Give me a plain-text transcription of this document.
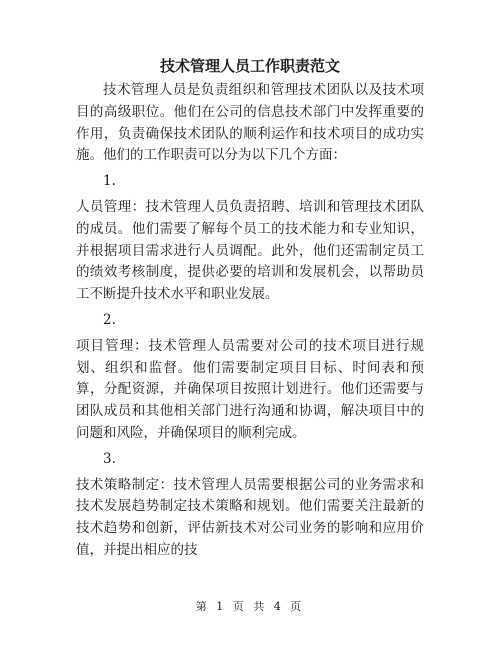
技术管理人员工作职责范文

技术管理人员是负责组织和管理技术团队以及技术项目的高级职位。他们在公司的信息技术部门中发挥重要的作用，负责确保技术团队的顺利运作和技术项目的成功实施。他们的工作职责可以分为以下几个方面：

1.

人员管理：技术管理人员负责招聘、培训和管理技术团队的成员。他们需要了解每个员工的技术能力和专业知识，并根据项目需求进行人员调配。此外，他们还需制定员工的绩效考核制度，提供必要的培训和发展机会，以帮助员工不断提升技术水平和职业发展。

2.

项目管理：技术管理人员需要对公司的技术项目进行规划、组织和监督。他们需要制定项目目标、时间表和预算，分配资源，并确保项目按照计划进行。他们还需要与团队成员和其他相关部门进行沟通和协调，解决项目中的问题和风险，并确保项目的顺利完成。

3.

技术策略制定：技术管理人员需要根据公司的业务需求和技术发展趋势制定技术策略和规划。他们需要关注最新的技术趋势和创新，评估新技术对公司业务的影响和应用价值，并提出相应的技

第 1 页 共 4 页
